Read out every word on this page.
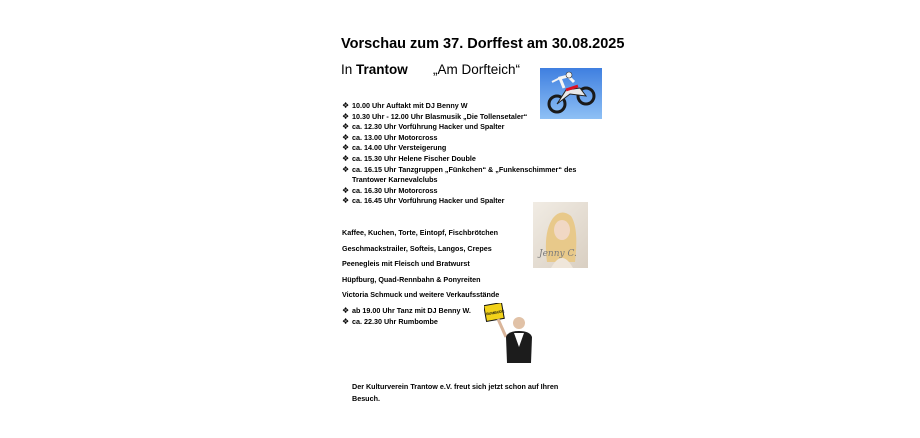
Vorschau zum 37. Dorffest am 30.08.2025
In Trantow „Am Dorfteich“
❖ 10.00 Uhr Auftakt mit DJ Benny W
❖ 10.30 Uhr - 12.00 Uhr Blasmusik „Die Tollensetaler“
❖ ca. 12.30 Uhr Vorführung Hacker und Spalter
❖ ca. 13.00 Uhr Motorcross
❖ ca. 14.00 Uhr Versteigerung
❖ ca. 15.30 Uhr Helene Fischer Double
❖ ca. 16.15 Uhr Tanzgruppen „Fünkchen“ & „Funkenschimmer“ des
Trantower Karnevalclubs
❖ ca. 16.30 Uhr Motorcross
❖ ca. 16.45 Uhr Vorführung Hacker und Spalter
Kaffee, Kuchen, Torte, Eintopf, Fischbrötchen
Geschmackstrailer, Softeis, Langos, Crepes
Peenegleis mit Fleisch und Bratwurst
Hüpfburg, Quad-Rennbahn & Ponyreiten
Victoria Schmuck und weitere Verkaufsstände
❖ ab 19.00 Uhr Tanz mit DJ Benny W.
❖ ca. 22.30 Uhr Rumbombe
Der Kulturverein Trantow e.V. freut sich jetzt schon auf Ihren Besuch.
Jenny C.
RUMBUDE
